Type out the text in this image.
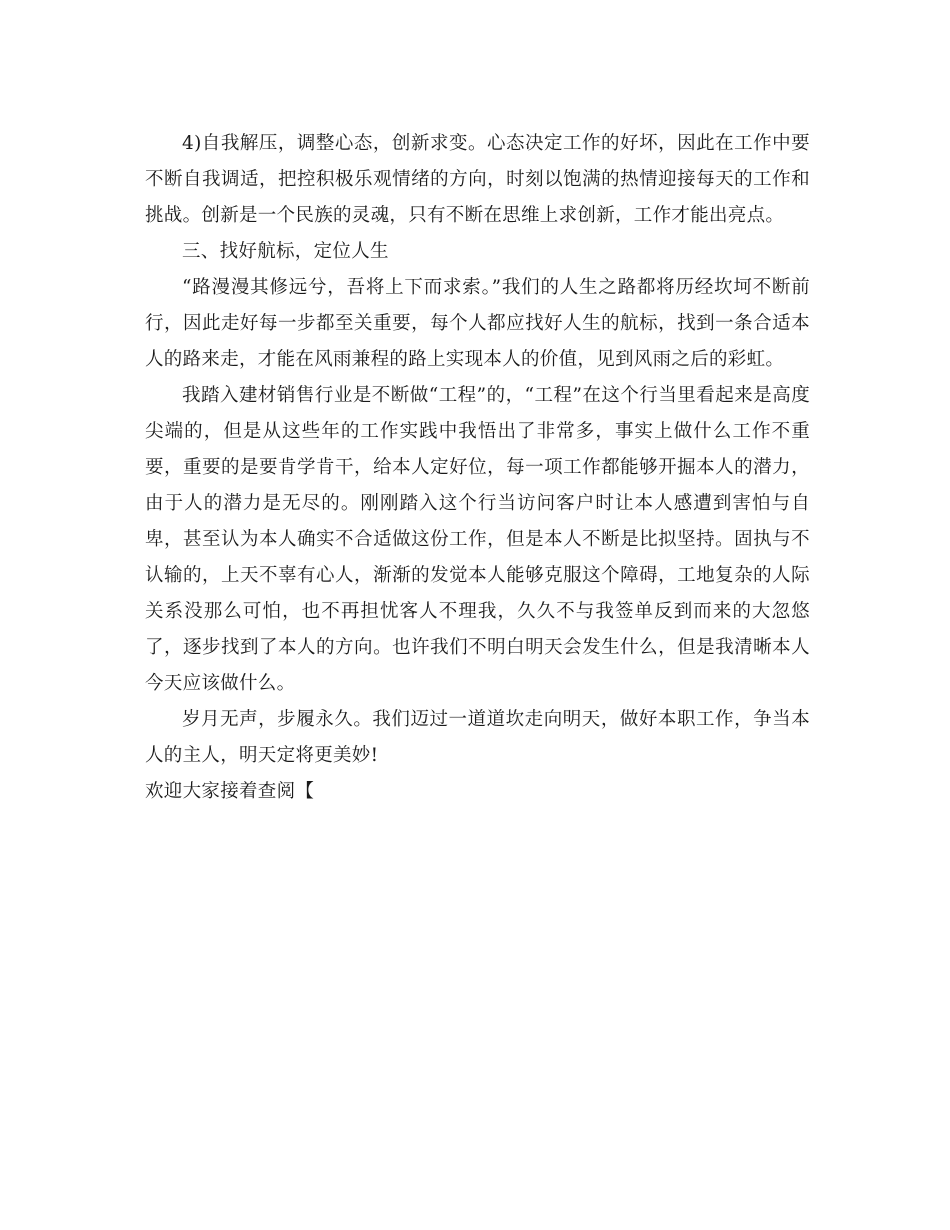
4)自我解压，调整心态，创新求变。心态决定工作的好坏，因此在工作中要不断自我调适，把控积极乐观情绪的方向，时刻以饱满的热情迎接每天的工作和挑战。创新是一个民族的灵魂，只有不断在思维上求创新，工作才能出亮点。

三、找好航标，定位人生

“路漫漫其修远兮，吾将上下而求索。”我们的人生之路都将历经坎坷不断前行，因此走好每一步都至关重要，每个人都应找好人生的航标，找到一条合适本人的路来走，才能在风雨兼程的路上实现本人的价值，见到风雨之后的彩虹。

我踏入建材销售行业是不断做“工程”的，“工程”在这个行当里看起来是高度尖端的，但是从这些年的工作实践中我悟出了非常多，事实上做什么工作不重要，重要的是要肯学肯干，给本人定好位，每一项工作都能够开掘本人的潜力，由于人的潜力是无尽的。刚刚踏入这个行当访问客户时让本人感遭到害怕与自卑，甚至认为本人确实不合适做这份工作，但是本人不断是比拟坚持。固执与不认输的，上天不辜有心人，渐渐的发觉本人能够克服这个障碍，工地复杂的人际关系没那么可怕，也不再担忧客人不理我，久久不与我签单反到而来的大忽悠了，逐步找到了本人的方向。也许我们不明白明天会发生什么，但是我清晰本人今天应该做什么。

岁月无声，步履永久。我们迈过一道道坎走向明天，做好本职工作，争当本人的主人，明天定将更美妙!

欢迎大家接着查阅【
